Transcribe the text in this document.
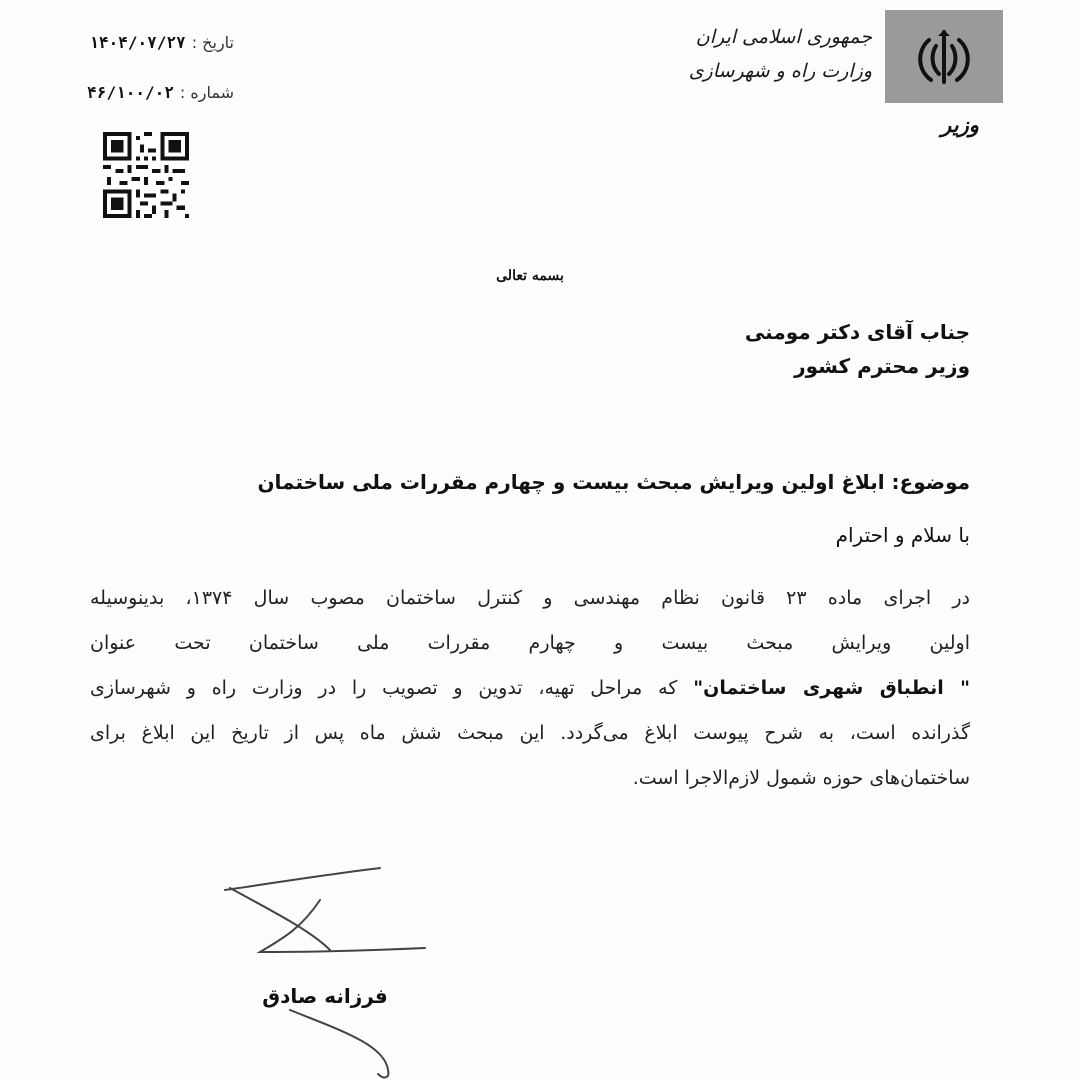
جمهوری اسلامی ایران
وزارت راه و شهرسازی
وزیر
تاریخ :۱۴۰۴/۰۷/۲۷
شماره :۴۶/۱۰۰/۰۲
بسمه تعالی
جناب آقای دکتر مومنی
وزیر محترم کشور
موضوع: ابلاغ اولین ویرایش مبحث بیست و چهارم مقررات ملی ساختمان
با سلام و احترام
در اجرای ماده ۲۳ قانون نظام مهندسی و کنترل ساختمان مصوب سال ۱۳۷۴، بدینوسیله
اولین ویرایش مبحث بیست و چهارم مقررات ملی ساختمان تحت عنوان
" انطباق شهری ساختمان" که مراحل تهیه، تدوین و تصویب را در وزارت راه و شهرسازی
گذرانده است، به شرح پیوست ابلاغ می‌گردد. این مبحث شش ماه پس از تاریخ این ابلاغ برای
ساختمان‌های حوزه شمول لازم‌الاجرا است.
فرزانه صادق
